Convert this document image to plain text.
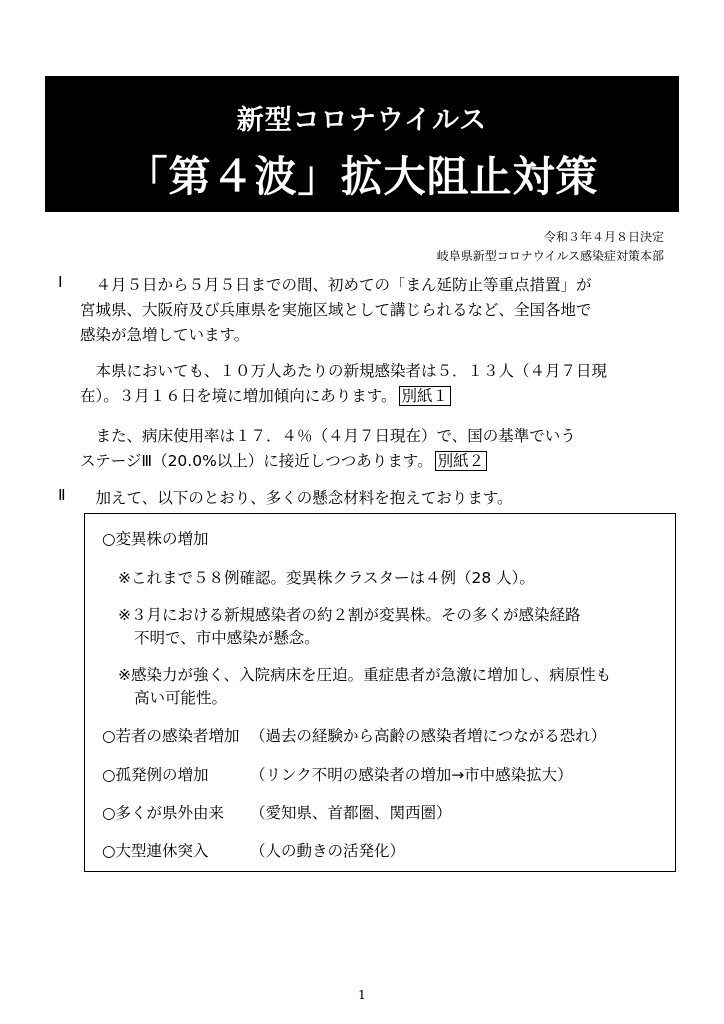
新型コロナウイルス
「第４波」拡大阻止対策
令和３年４月８日決定
岐阜県新型コロナウイルス感染症対策本部
Ⅰ 　４月５日から５月５日までの間、初めての「まん延防止等重点措置」が
宮城県、大阪府及び兵庫県を実施区域として講じられるなど、全国各地で
感染が急増しています。
　本県においても、１０万人あたりの新規感染者は５．１３人（４月７日現
在）。３月１６日を境に増加傾向にあります。 別紙１
　また、病床使用率は１７．４％（４月７日現在）で、国の基準でいう
ステージⅢ（20.0%以上）に接近しつつあります。 別紙２
Ⅱ 　加えて、以下のとおり、多くの懸念材料を抱えております。
○変異株の増加
※これまで５８例確認。変異株クラスターは４例（28 人）。
※３月における新規感染者の約２割が変異株。その多くが感染経路
不明で、市中感染が懸念。
※感染力が強く、入院病床を圧迫。重症患者が急激に増加し、病原性も
高い可能性。
○若者の感染者増加 （過去の経験から高齢の感染者増につながる恐れ）
○孤発例の増加	（リンク不明の感染者の増加→市中感染拡大）
○多くが県外由来 （愛知県、首都圏、関西圏）
○大型連休突入	（人の動きの活発化）
1
